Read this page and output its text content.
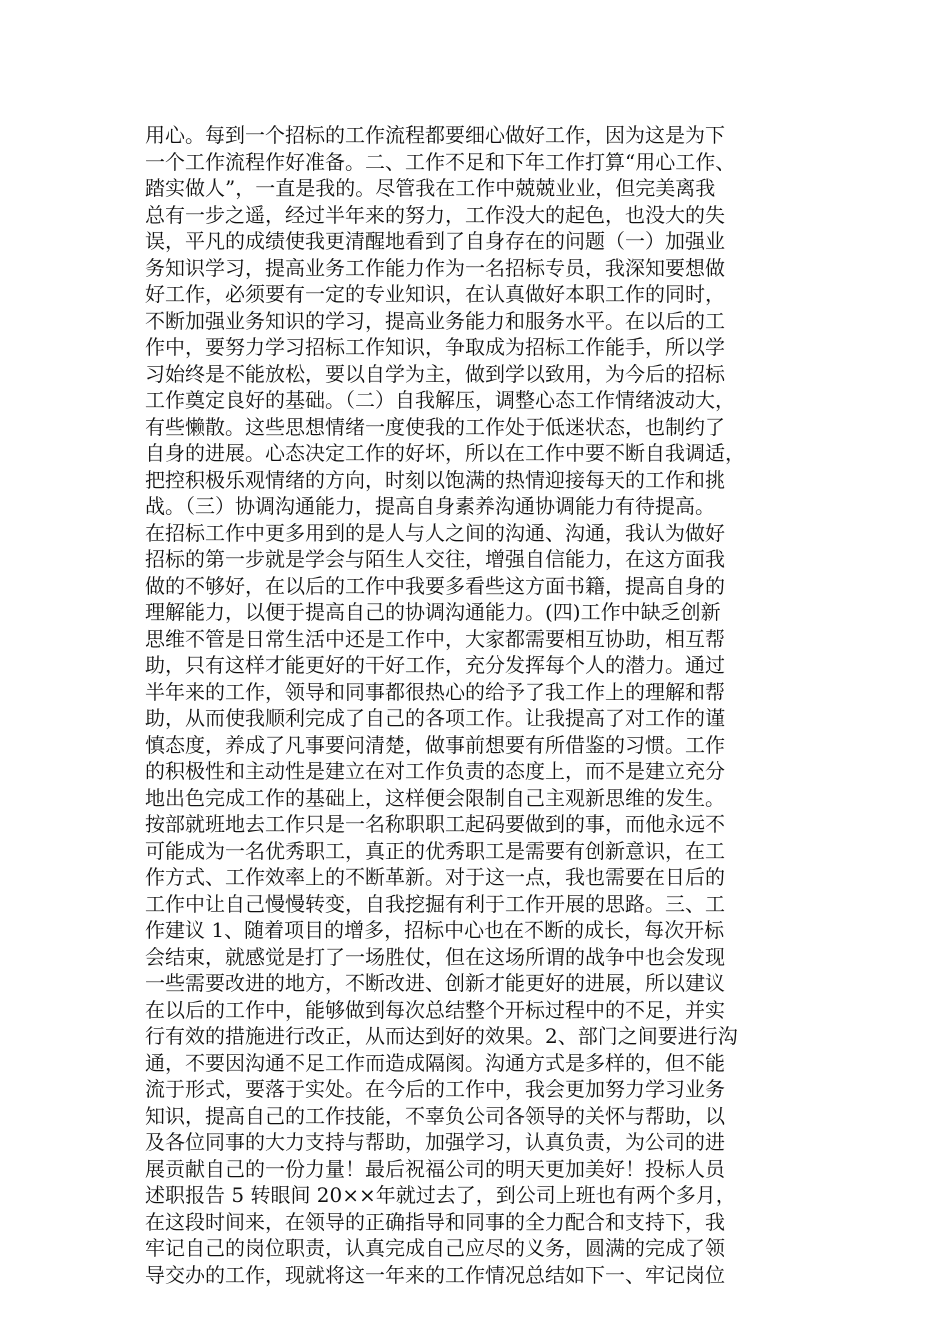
用心。每到一个招标的工作流程都要细心做好工作，因为这是为下
一个工作流程作好准备。二、工作不足和下年工作打算“用心工作、
踏实做人”，一直是我的。尽管我在工作中兢兢业业，但完美离我
总有一步之遥，经过半年来的努力，工作没大的起色，也没大的失
误，平凡的成绩使我更清醒地看到了自身存在的问题（一）加强业
务知识学习，提高业务工作能力作为一名招标专员，我深知要想做
好工作，必须要有一定的专业知识，在认真做好本职工作的同时，
不断加强业务知识的学习，提高业务能力和服务水平。在以后的工
作中，要努力学习招标工作知识，争取成为招标工作能手，所以学
习始终是不能放松，要以自学为主，做到学以致用，为今后的招标
工作奠定良好的基础。（二）自我解压，调整心态工作情绪波动大，
有些懒散。这些思想情绪一度使我的工作处于低迷状态，也制约了
自身的进展。心态决定工作的好坏，所以在工作中要不断自我调适，
把控积极乐观情绪的方向，时刻以饱满的热情迎接每天的工作和挑
战。（三）协调沟通能力，提高自身素养沟通协调能力有待提高。
在招标工作中更多用到的是人与人之间的沟通、沟通，我认为做好
招标的第一步就是学会与陌生人交往，增强自信能力，在这方面我
做的不够好，在以后的工作中我要多看些这方面书籍，提高自身的
理解能力，以便于提高自己的协调沟通能力。(四)工作中缺乏创新
思维不管是日常生活中还是工作中，大家都需要相互协助，相互帮
助，只有这样才能更好的干好工作，充分发挥每个人的潜力。通过
半年来的工作，领导和同事都很热心的给予了我工作上的理解和帮
助，从而使我顺利完成了自己的各项工作。让我提高了对工作的谨
慎态度，养成了凡事要问清楚，做事前想要有所借鉴的习惯。工作
的积极性和主动性是建立在对工作负责的态度上，而不是建立充分
地出色完成工作的基础上，这样便会限制自己主观新思维的发生。
按部就班地去工作只是一名称职职工起码要做到的事，而他永远不
可能成为一名优秀职工，真正的优秀职工是需要有创新意识，在工
作方式、工作效率上的不断革新。对于这一点，我也需要在日后的
工作中让自己慢慢转变，自我挖掘有利于工作开展的思路。三、工
作建议 1、随着项目的增多，招标中心也在不断的成长，每次开标
会结束，就感觉是打了一场胜仗，但在这场所谓的战争中也会发现
一些需要改进的地方，不断改进、创新才能更好的进展，所以建议
在以后的工作中，能够做到每次总结整个开标过程中的不足，并实
行有效的措施进行改正，从而达到好的效果。2、部门之间要进行沟
通，不要因沟通不足工作而造成隔阂。沟通方式是多样的，但不能
流于形式，要落于实处。在今后的工作中，我会更加努力学习业务
知识，提高自己的工作技能，不辜负公司各领导的关怀与帮助，以
及各位同事的大力支持与帮助，加强学习，认真负责，为公司的进
展贡献自己的一份力量！最后祝福公司的明天更加美好！投标人员
述职报告 5 转眼间 20××年就过去了，到公司上班也有两个多月，
在这段时间来，在领导的正确指导和同事的全力配合和支持下，我
牢记自己的岗位职责，认真完成自己应尽的义务，圆满的完成了领
导交办的工作，现就将这一年来的工作情况总结如下一、牢记岗位
